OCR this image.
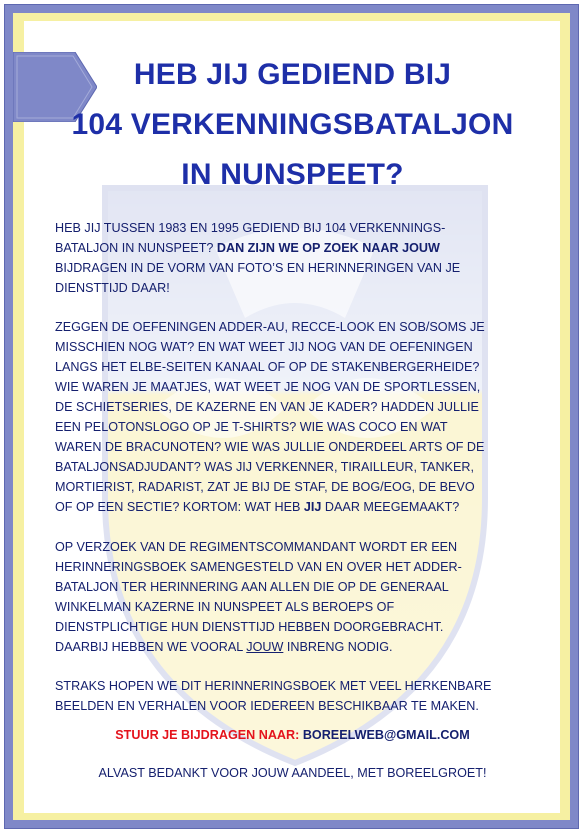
HEB JIJ GEDIEND BIJ
104 VERKENNINGSBATALJON
IN NUNSPEET?

HEB JIJ TUSSEN 1983 EN 1995 GEDIEND BIJ 104 VERKENNINGS-
BATALJON IN NUNSPEET? DAN ZIJN WE OP ZOEK NAAR JOUW
BIJDRAGEN IN DE VORM VAN FOTO’S EN HERINNERINGEN VAN JE
DIENSTTIJD DAAR!

ZEGGEN DE OEFENINGEN ADDER-AU, RECCE-LOOK EN SOB/SOMS JE
MISSCHIEN NOG WAT? EN WAT WEET JIJ NOG VAN DE OEFENINGEN
LANGS HET ELBE-SEITEN KANAAL OF OP DE STAKENBERGERHEIDE?
WIE WAREN JE MAATJES, WAT WEET JE NOG VAN DE SPORTLESSEN,
DE SCHIETSERIES, DE KAZERNE EN VAN JE KADER? HADDEN JULLIE
EEN PELOTONSLOGO OP JE T-SHIRTS? WIE WAS COCO EN WAT
WAREN DE BRACUNOTEN? WIE WAS JULLIE ONDERDEEL ARTS OF DE
BATALJONSADJUDANT? WAS JIJ VERKENNER, TIRAILLEUR, TANKER,
MORTIERIST, RADARIST, ZAT JE BIJ DE STAF, DE BOG/EOG, DE BEVO
OF OP EEN SECTIE? KORTOM: WAT HEB JIJ DAAR MEEGEMAAKT?

OP VERZOEK VAN DE REGIMENTSCOMMANDANT WORDT ER EEN
HERINNERINGSBOEK SAMENGESTELD VAN EN OVER HET ADDER-
BATALJON TER HERINNERING AAN ALLEN DIE OP DE GENERAAL
WINKELMAN KAZERNE IN NUNSPEET ALS BEROEPS OF
DIENSTPLICHTIGE HUN DIENSTTIJD HEBBEN DOORGEBRACHT.
DAARBIJ HEBBEN WE VOORAL JOUW INBRENG NODIG.

STRAKS HOPEN WE DIT HERINNERINGSBOEK MET VEEL HERKENBARE
BEELDEN EN VERHALEN VOOR IEDEREEN BESCHIKBAAR TE MAKEN.

STUUR JE BIJDRAGEN NAAR: BOREELWEB@GMAIL.COM
ALVAST BEDANKT VOOR JOUW AANDEEL, MET BOREELGROET!
